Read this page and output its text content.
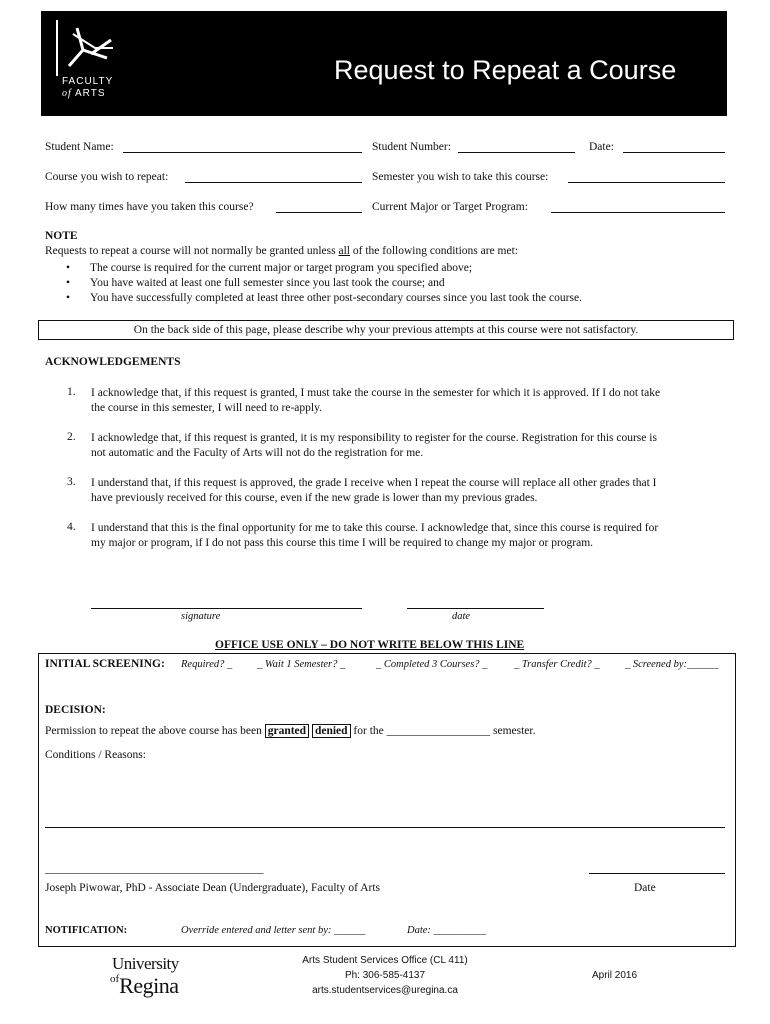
FACULTY
of ARTS
Request to Repeat a Course
Student Name:	Student Number:	Date:
Course you wish to repeat:	Semester you wish to take this course:
How many times have you taken this course?	Current Major or Target Program:
NOTE
Requests to repeat a course will not normally be granted unless all of the following conditions are met:
• The course is required for the current major or target program you specified above;
• You have waited at least one full semester since you last took the course; and
• You have successfully completed at least three other post-secondary courses since you last took the course.
On the back side of this page, please describe why your previous attempts at this course were not satisfactory.
ACKNOWLEDGEMENTS
1. I acknowledge that, if this request is granted, I must take the course in the semester for which it is approved. If I do not take
the course in this semester, I will need to re-apply.
2. I acknowledge that, if this request is granted, it is my responsibility to register for the course. Registration for this course is
not automatic and the Faculty of Arts will not do the registration for me.
3. I understand that, if this request is approved, the grade I receive when I repeat the course will replace all other grades that I
have previously received for this course, even if the new grade is lower than my previous grades.
4. I understand that this is the final opportunity for me to take this course. I acknowledge that, since this course is required for
my major or program, if I do not pass this course this time I will be required to change my major or program.
signature	date
OFFICE USE ONLY – DO NOT WRITE BELOW THIS LINE
INITIAL SCREENING: Required? _ _ Wait 1 Semester? _	_ Completed 3 Courses? _	_ Transfer Credit? _ _ Screened by:______
DECISION:
Permission to repeat the above course has been granted denied for the __________________ semester.
Conditions / Reasons:
______________________________________
Joseph Piwowar, PhD - Associate Dean (Undergraduate), Faculty of Arts	Date
NOTIFICATION:	Override entered and letter sent by: ______	Date: __________
University
ofRegina
Arts Student Services Office (CL 411)
Ph: 306-585-4137
arts.studentservices@uregina.ca
April 2016
